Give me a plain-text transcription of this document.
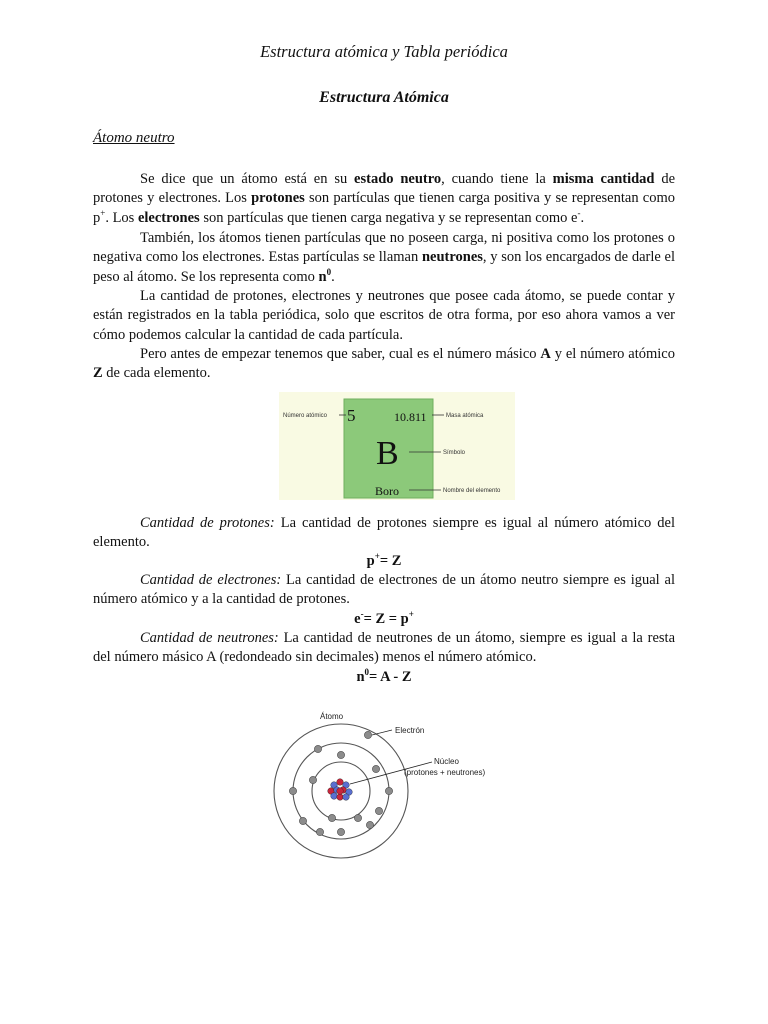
Estructura atómica y Tabla periódica
Estructura Atómica
Átomo neutro

Se dice que un átomo está en su estado neutro, cuando tiene la misma cantidad de protones y electrones. Los protones son partículas que tienen carga positiva y se representan como p+. Los electrones son partículas que tienen carga negativa y se representan como e-.

También, los átomos tienen partículas que no poseen carga, ni positiva como los protones o negativa como los electrones. Estas partículas se llaman neutrones, y son los encargados de darle el peso al átomo. Se los representa como $n^0$.

La cantidad de protones, electrones y neutrones que posee cada átomo, se puede contar y están registrados en la tabla periódica, solo que escritos de otra forma, por eso ahora vamos a ver cómo podemos calcular la cantidad de cada partícula.

Pero antes de empezar tenemos que saber, cual es el número másico A y el número atómico Z de cada elemento.

Cantidad de protones: La cantidad de protones siempre es igual al número atómico del elemento.

p+= Z

Cantidad de electrones: La cantidad de electrones de un átomo neutro siempre es igual al número atómico y a la cantidad de protones.

e-= Z = p+

Cantidad de neutrones: La cantidad de neutrones de un átomo, siempre es igual a la resta del número másico A (redondeado sin decimales) menos el número atómico.

$n^0= A - Z$
5	10.811
B
Boro
Número atómico	Masa atómica
Símbolo
Nombre del elemento
Átomo
Electrón
Núcleo
(protones + neutrones)
